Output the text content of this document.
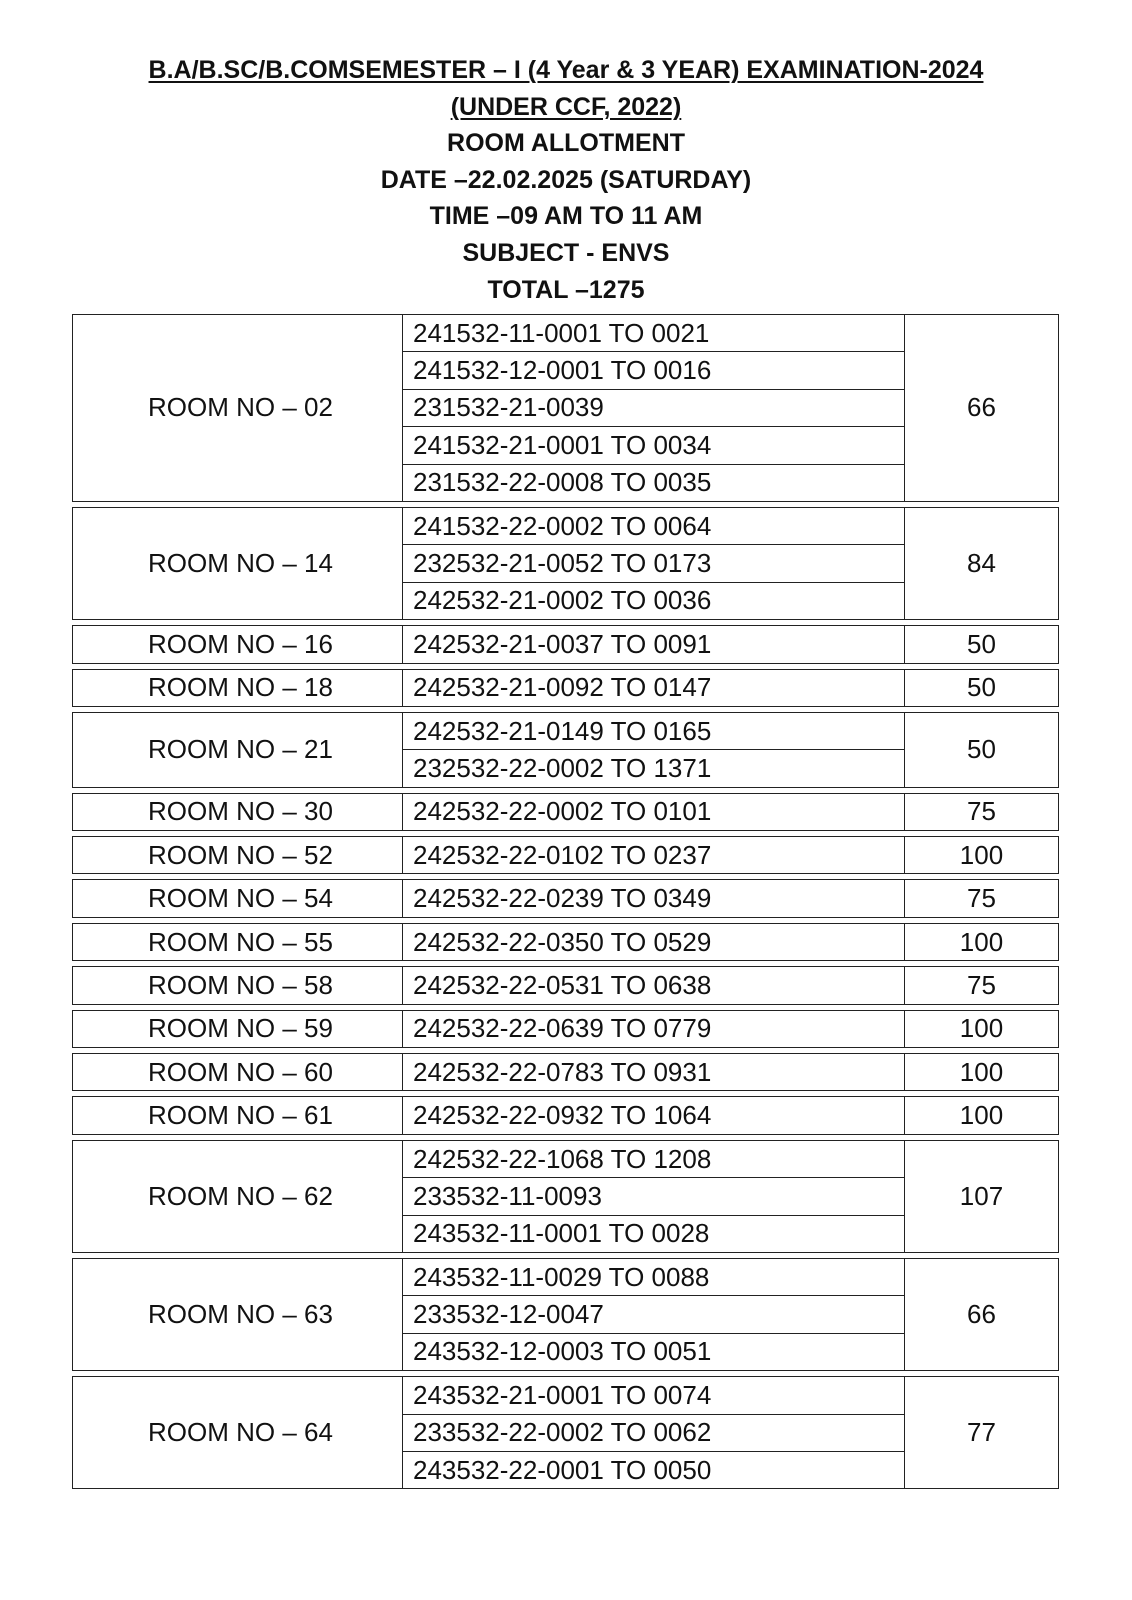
B.A/B.SC/B.COMSEMESTER – I (4 Year & 3 YEAR) EXAMINATION-2024
(UNDER CCF, 2022)
ROOM ALLOTMENT
DATE –22.02.2025 (SATURDAY)
TIME –09 AM TO 11 AM
SUBJECT - ENVS
TOTAL –1275
ROOM NO – 02	241532-11-0001 TO 0021	66
	241532-12-0001 TO 0016	
	231532-21-0039	
	241532-21-0001 TO 0034	
	231532-22-0008 TO 0035	

ROOM NO – 14	241532-22-0002 TO 0064	84
	232532-21-0052 TO 0173	
	242532-21-0002 TO 0036	

ROOM NO – 16	242532-21-0037 TO 0091	50

ROOM NO – 18	242532-21-0092 TO 0147	50

ROOM NO – 21	242532-21-0149 TO 0165	50
	232532-22-0002 TO 1371	

ROOM NO – 30	242532-22-0002 TO 0101	75

ROOM NO – 52	242532-22-0102 TO 0237	100

ROOM NO – 54	242532-22-0239 TO 0349	75

ROOM NO – 55	242532-22-0350 TO 0529	100

ROOM NO – 58	242532-22-0531 TO 0638	75

ROOM NO – 59	242532-22-0639 TO 0779	100

ROOM NO – 60	242532-22-0783 TO 0931	100

ROOM NO – 61	242532-22-0932 TO 1064	100

ROOM NO – 62	242532-22-1068 TO 1208	107
	233532-11-0093	
	243532-11-0001 TO 0028	

ROOM NO – 63	243532-11-0029 TO 0088	66
	233532-12-0047	
	243532-12-0003 TO 0051	

ROOM NO – 64	243532-21-0001 TO 0074	77
	233532-22-0002 TO 0062	
	243532-22-0001 TO 0050	
